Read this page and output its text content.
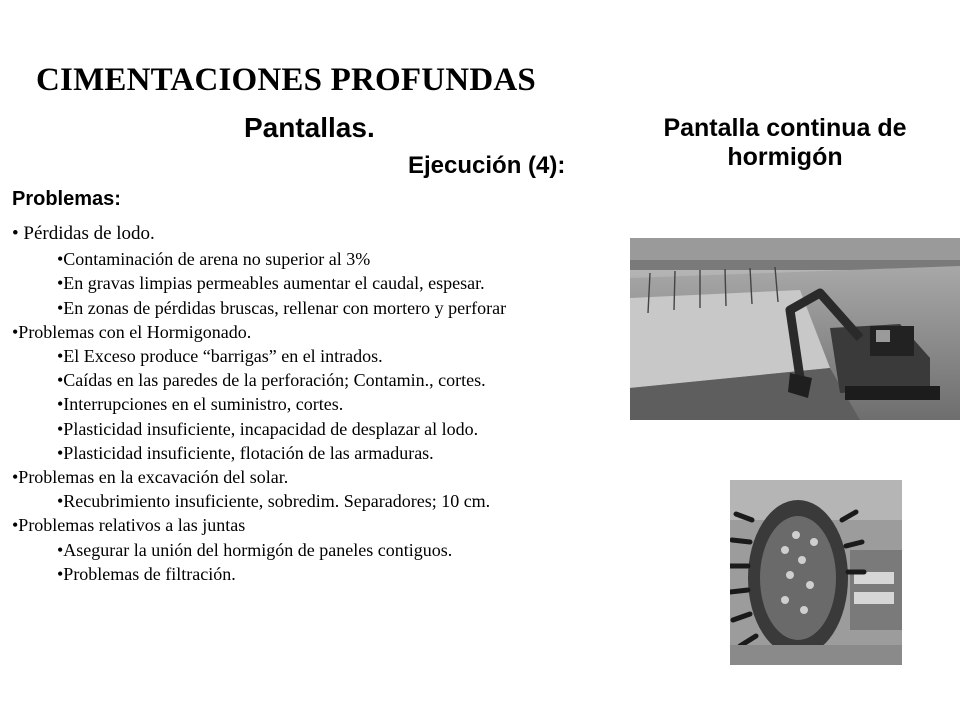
CIMENTACIONES PROFUNDAS
Pantallas.
Ejecución (4):
Pantalla continua de hormigón
Problemas:
• Pérdidas de lodo.
•Contaminación de arena no superior al 3%
•En gravas limpias permeables aumentar el caudal, espesar.
•En zonas de pérdidas bruscas, rellenar con mortero y perforar
•Problemas con el Hormigonado.
•El Exceso produce “barrigas” en el intrados.
•Caídas en las paredes de la perforación; Contamin., cortes.
•Interrupciones en el suministro, cortes.
•Plasticidad insuficiente, incapacidad de desplazar al lodo.
•Plasticidad insuficiente, flotación de las armaduras.
•Problemas en la excavación del solar.
•Recubrimiento insuficiente, sobredim. Separadores; 10 cm.
•Problemas relativos a las juntas
•Asegurar la unión del hormigón de paneles contiguos.
•Problemas de filtración.
